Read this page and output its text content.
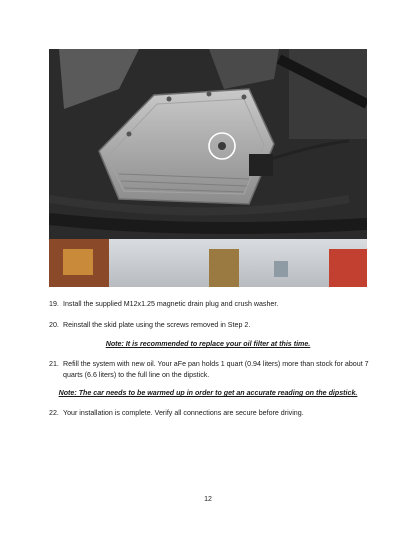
19. Install the supplied M12x1.25 magnetic drain plug and crush washer.
20. Reinstall the skid plate using the screws removed in Step 2.
Note: It is recommended to replace your oil filter at this time.
21. Refill the system with new oil. Your aFe pan holds 1 quart (0.94 liters) more than stock for about 7 quarts (6.6 liters) to the full line on the dipstick.
Note: The car needs to be warmed up in order to get an accurate reading on the dipstick.
22. Your installation is complete. Verify all connections are secure before driving.
12
